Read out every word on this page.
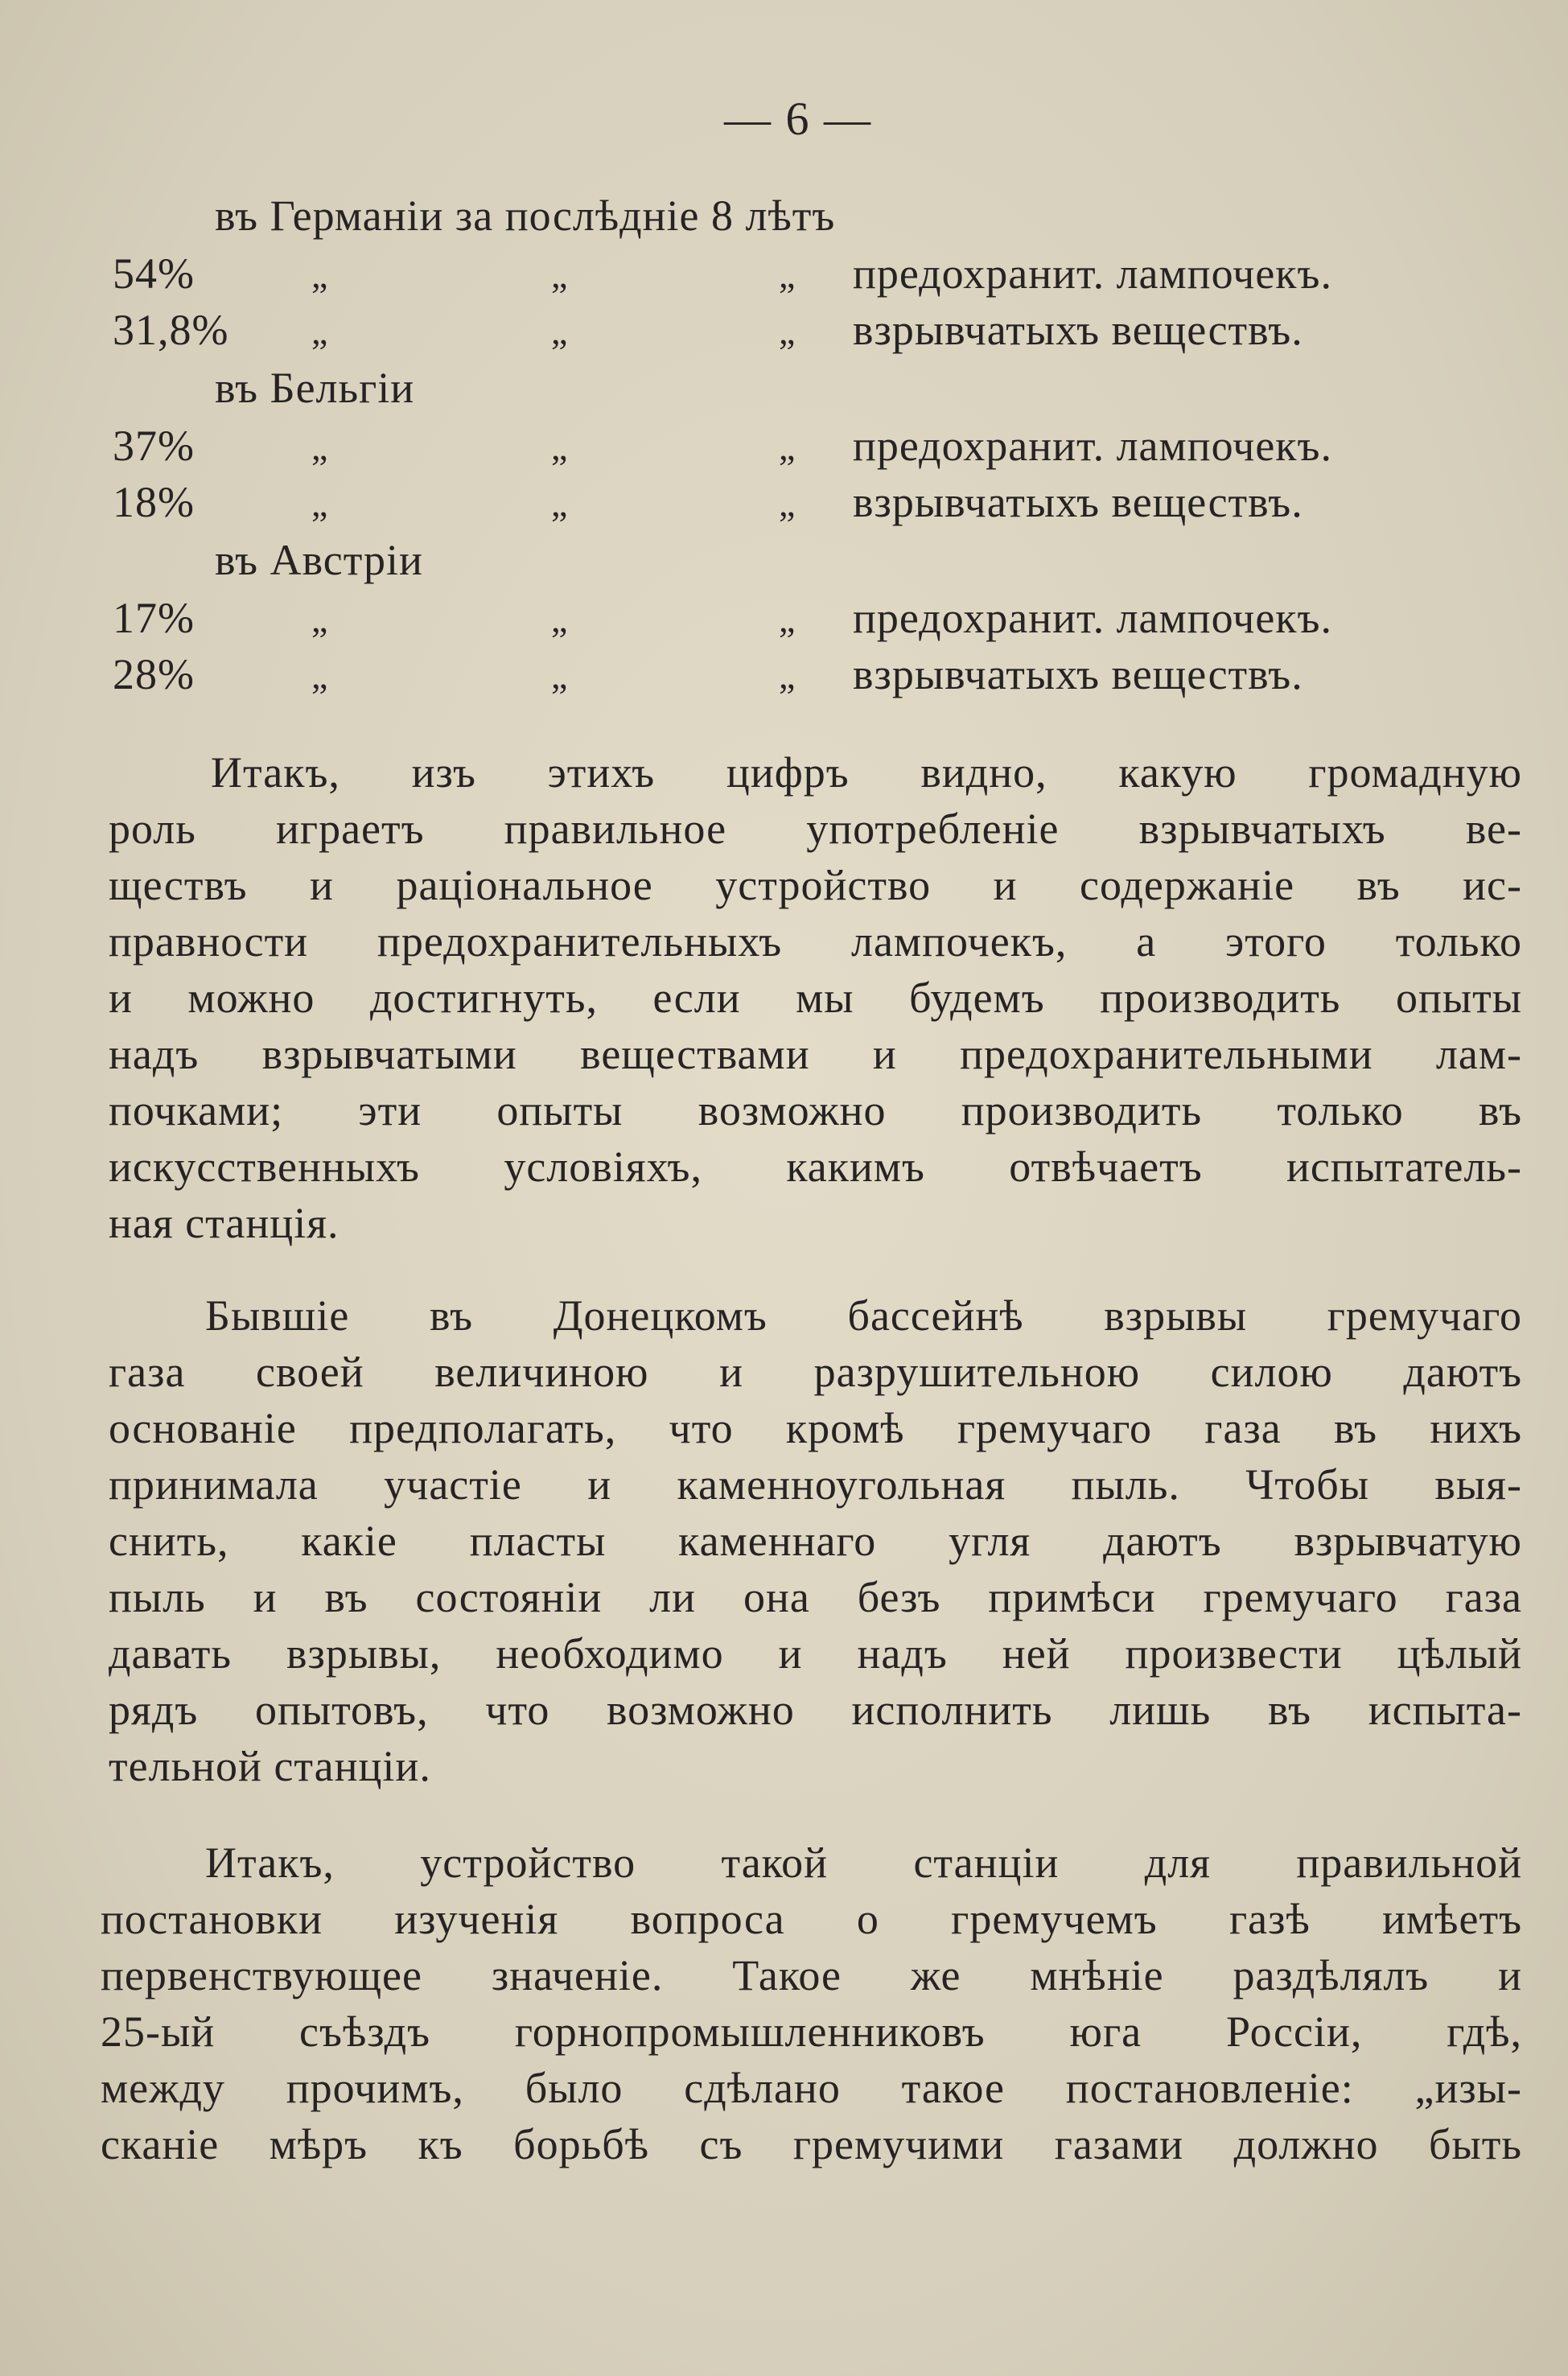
— 6 —
въ Германіи за послѣдніе 8 лѣтъ
54%	„	„	„ предохранит. лампочекъ.
31,8% „	„	„ взрывчатыхъ веществъ.
въ Бельгіи
37%	„	„	„ предохранит. лампочекъ.
18%	„	„	„ взрывчатыхъ веществъ.
въ Австріи
17%	„	„	„ предохранит. лампочекъ.
28%	„	„	„ взрывчатыхъ веществъ.
Итакъ, изъ этихъ цифръ видно, какую громадную
роль играетъ правильное употребленіе взрывчатыхъ ве-
ществъ и раціональное устройство и содержаніе въ ис-
правности предохранительныхъ лампочекъ, а этого только
и можно достигнуть, если мы будемъ производить опыты
надъ взрывчатыми веществами и предохранительными лам-
почками; эти опыты возможно производить только въ
искусственныхъ условіяхъ, какимъ отвѣчаетъ испытатель-
ная станція.
Бывшіе въ Донецкомъ бассейнѣ взрывы гремучаго
газа своей величиною и разрушительною силою даютъ
основаніе предполагать, что кромѣ гремучаго газа въ нихъ
принимала участіе и каменноугольная пыль. Чтобы выя-
снить, какіе пласты каменнаго угля даютъ взрывчатую
пыль и въ состояніи ли она безъ примѣси гремучаго газа
давать взрывы, необходимо и надъ ней произвести цѣлый
рядъ опытовъ, что возможно исполнить лишь въ испыта-
тельной станціи.
Итакъ, устройство такой станціи для правильной
постановки изученія вопроса о гремучемъ газѣ имѣетъ
первенствующее значеніе. Такое же мнѣніе раздѣлялъ и
25-ый съѣздъ горнопромышленниковъ юга Россіи, гдѣ,
между прочимъ, было сдѣлано такое постановленіе: „изы-
сканіе мѣръ къ борьбѣ съ гремучими газами должно быть
